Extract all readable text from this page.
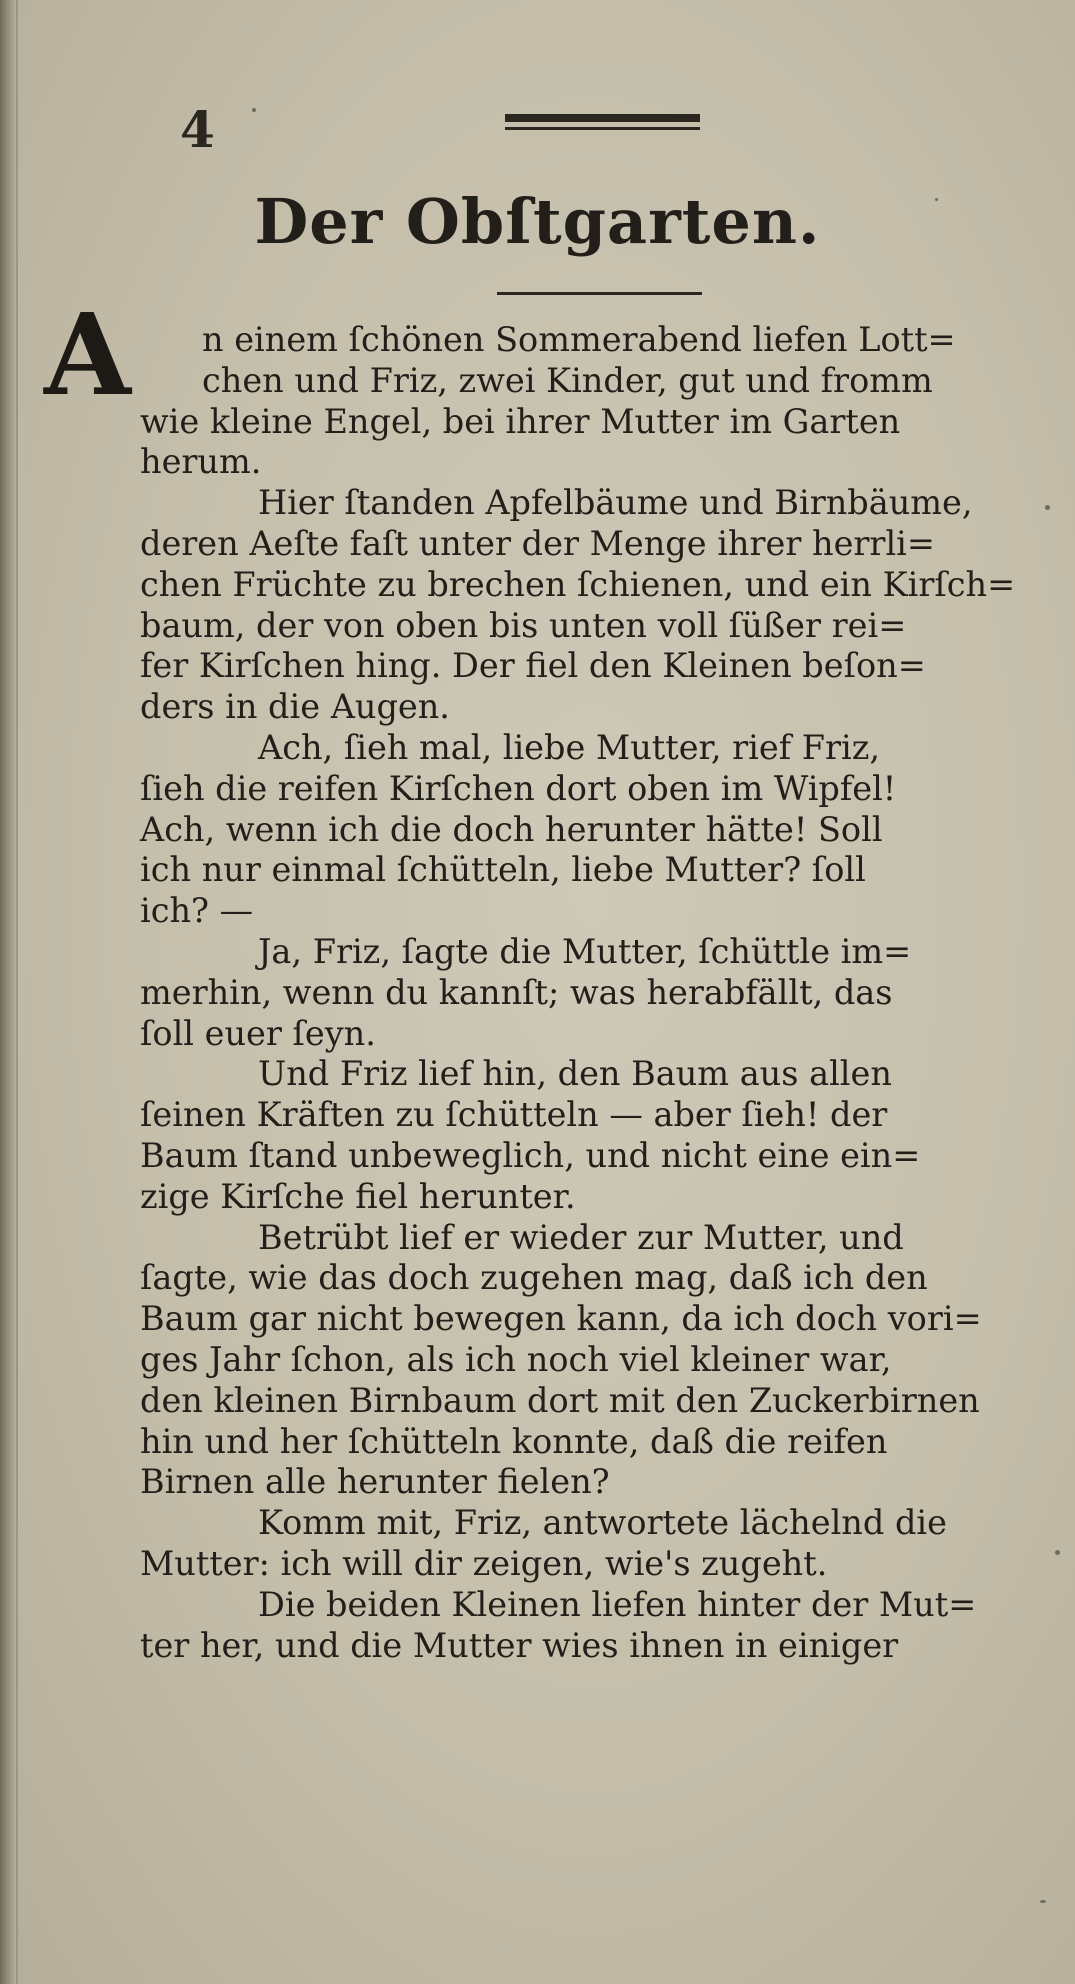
4
Der Obſtgarten.
A	n einem ſchönen Sommerabend liefen Lott=
chen und Friz, zwei Kinder, gut und fromm
wie kleine Engel, bei ihrer Mutter im Garten
herum.
Hier ſtanden Apfelbäume und Birnbäume,
deren Aeſte faſt unter der Menge ihrer herrli=
chen Früchte zu brechen ſchienen, und ein Kirſch=
baum, der von oben bis unten voll ſüßer rei=
fer Kirſchen hing. Der fiel den Kleinen beſon=
ders in die Augen.
Ach, ſieh mal, liebe Mutter, rief Friz,
ſieh die reifen Kirſchen dort oben im Wipfel!
Ach, wenn ich die doch herunter hätte! Soll
ich nur einmal ſchütteln, liebe Mutter? ſoll
ich? —
Ja, Friz, ſagte die Mutter, ſchüttle im=
merhin, wenn du kannſt; was herabfällt, das
ſoll euer ſeyn.
Und Friz lief hin, den Baum aus allen
ſeinen Kräften zu ſchütteln — aber ſieh! der
Baum ſtand unbeweglich, und nicht eine ein=
zige Kirſche fiel herunter.
Betrübt lief er wieder zur Mutter, und
ſagte, wie das doch zugehen mag, daß ich den
Baum gar nicht bewegen kann, da ich doch vori=
ges Jahr ſchon, als ich noch viel kleiner war,
den kleinen Birnbaum dort mit den Zuckerbirnen
hin und her ſchütteln konnte, daß die reifen
Birnen alle herunter fielen?
Komm mit, Friz, antwortete lächelnd die
Mutter: ich will dir zeigen, wie's zugeht.
Die beiden Kleinen liefen hinter der Mut=
ter her, und die Mutter wies ihnen in einiger
